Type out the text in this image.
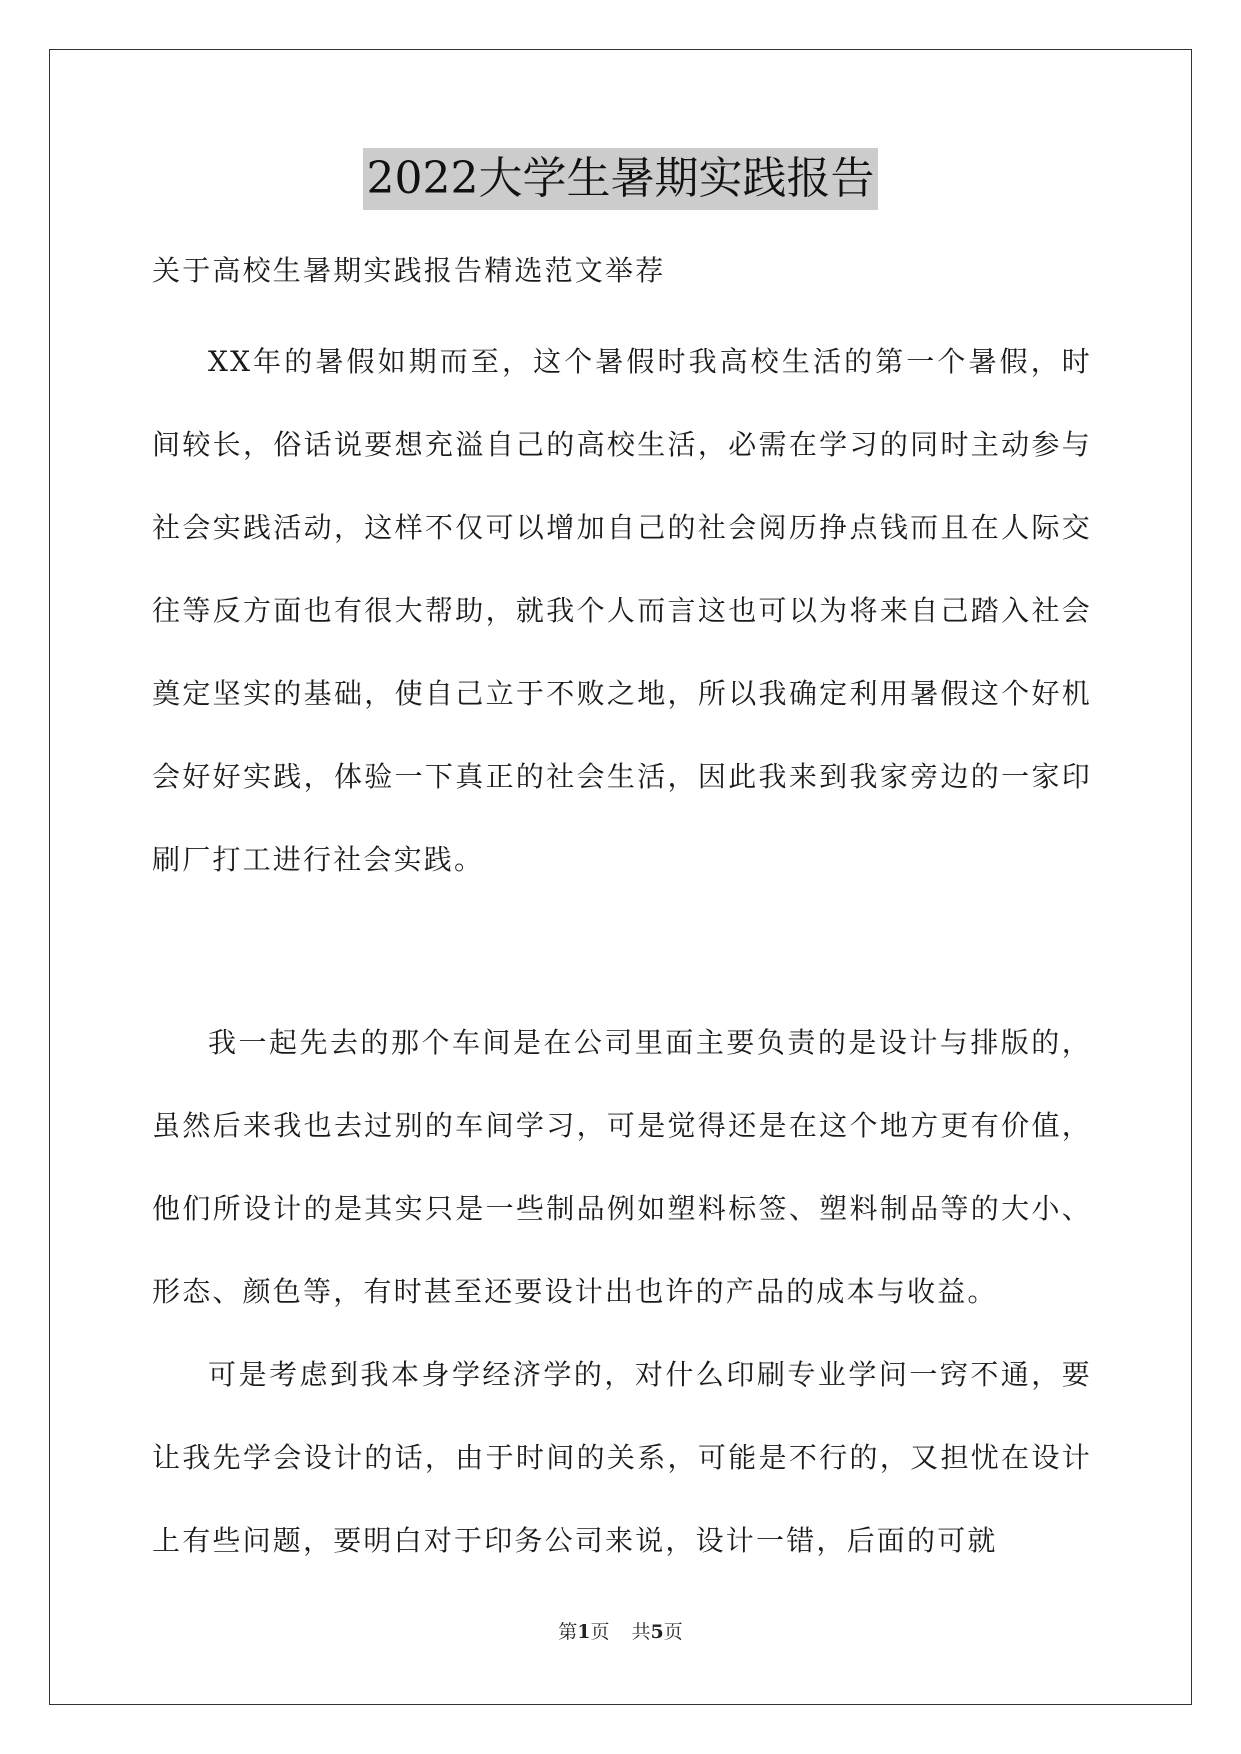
2022大学生暑期实践报告

关于高校生暑期实践报告精选范文举荐

XX年的暑假如期而至，这个暑假时我高校生活的第一个暑假，时间较长，俗话说要想充溢自己的高校生活，必需在学习的同时主动参与社会实践活动，这样不仅可以增加自己的社会阅历挣点钱而且在人际交往等反方面也有很大帮助，就我个人而言这也可以为将来自己踏入社会奠定坚实的基础，使自己立于不败之地，所以我确定利用暑假这个好机会好好实践，体验一下真正的社会生活，因此我来到我家旁边的一家印刷厂打工进行社会实践。

我一起先去的那个车间是在公司里面主要负责的是设计与排版的，虽然后来我也去过别的车间学习，可是觉得还是在这个地方更有价值，他们所设计的是其实只是一些制品例如塑料标签、塑料制品等的大小、形态、颜色等，有时甚至还要设计出也许的产品的成本与收益。

可是考虑到我本身学经济学的，对什么印刷专业学问一窍不通，要让我先学会设计的话，由于时间的关系，可能是不行的，又担忧在设计上有些问题，要明白对于印务公司来说，设计一错，后面的可就

第1页 共5页
